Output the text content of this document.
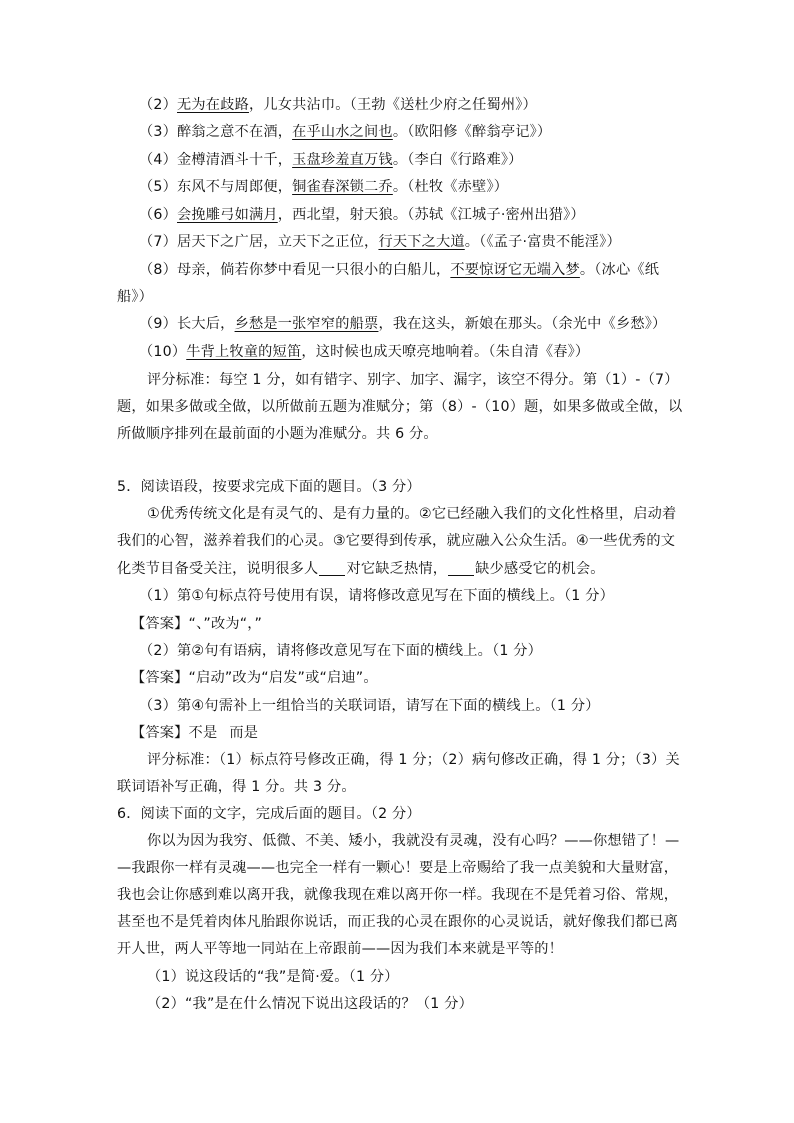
（2）无为在歧路，儿女共沾巾。（王勃《送杜少府之任蜀州》）
（3）醉翁之意不在酒，在乎山水之间也。（欧阳修《醉翁亭记》）
（4）金樽清酒斗十千，玉盘珍羞直万钱。（李白《行路难》）
（5）东风不与周郎便，铜雀春深锁二乔。（杜牧《赤壁》）
（6）会挽雕弓如满月，西北望，射天狼。（苏轼《江城子·密州出猎》）
（7）居天下之广居，立天下之正位，行天下之大道。（《孟子·富贵不能淫》）
（8）母亲，倘若你梦中看见一只很小的白船儿，不要惊讶它无端入梦。（冰心《纸
船》）
（9）长大后，乡愁是一张窄窄的船票，我在这头，新娘在那头。（余光中《乡愁》）
（10）牛背上牧童的短笛，这时候也成天嘹亮地响着。（朱自清《春》）
评分标准：每空 1 分，如有错字、别字、加字、漏字，该空不得分。第（1）-（7）
题，如果多做或全做，以所做前五题为准赋分；第（8）-（10）题，如果多做或全做，以
所做顺序排列在最前面的小题为准赋分。共 6 分。
5．阅读语段，按要求完成下面的题目。（3 分）
①优秀传统文化是有灵气的、是有力量的。②它已经融入我们的文化性格里，启动着
我们的心智，滋养着我们的心灵。③它要得到传承，就应融入公众生活。④一些优秀的文
化类节目备受关注，说明很多人 对它缺乏热情， 缺少感受它的机会。
（1）第①句标点符号使用有误，请将修改意见写在下面的横线上。（1 分）
【答案】“、”改为“，”
（2）第②句有语病，请将修改意见写在下面的横线上。（1 分）
【答案】“启动”改为“启发”或“启迪”。
（3）第④句需补上一组恰当的关联词语，请写在下面的横线上。（1 分）
【答案】不是 而是
评分标准：（1）标点符号修改正确，得 1 分；（2）病句修改正确，得 1 分；（3）关
联词语补写正确，得 1 分。共 3 分。
6．阅读下面的文字，完成后面的题目。（2 分）
你以为因为我穷、低微、不美、矮小，我就没有灵魂，没有心吗？——你想错了！—
—我跟你一样有灵魂——也完全一样有一颗心！要是上帝赐给了我一点美貌和大量财富，
我也会让你感到难以离开我，就像我现在难以离开你一样。我现在不是凭着习俗、常规，
甚至也不是凭着肉体凡胎跟你说话，而正我的心灵在跟你的心灵说话，就好像我们都已离
开人世，两人平等地一同站在上帝跟前——因为我们本来就是平等的！
（1）说这段话的“我”是简·爱。（1 分）
（2）“我”是在什么情况下说出这段话的？（1 分）
